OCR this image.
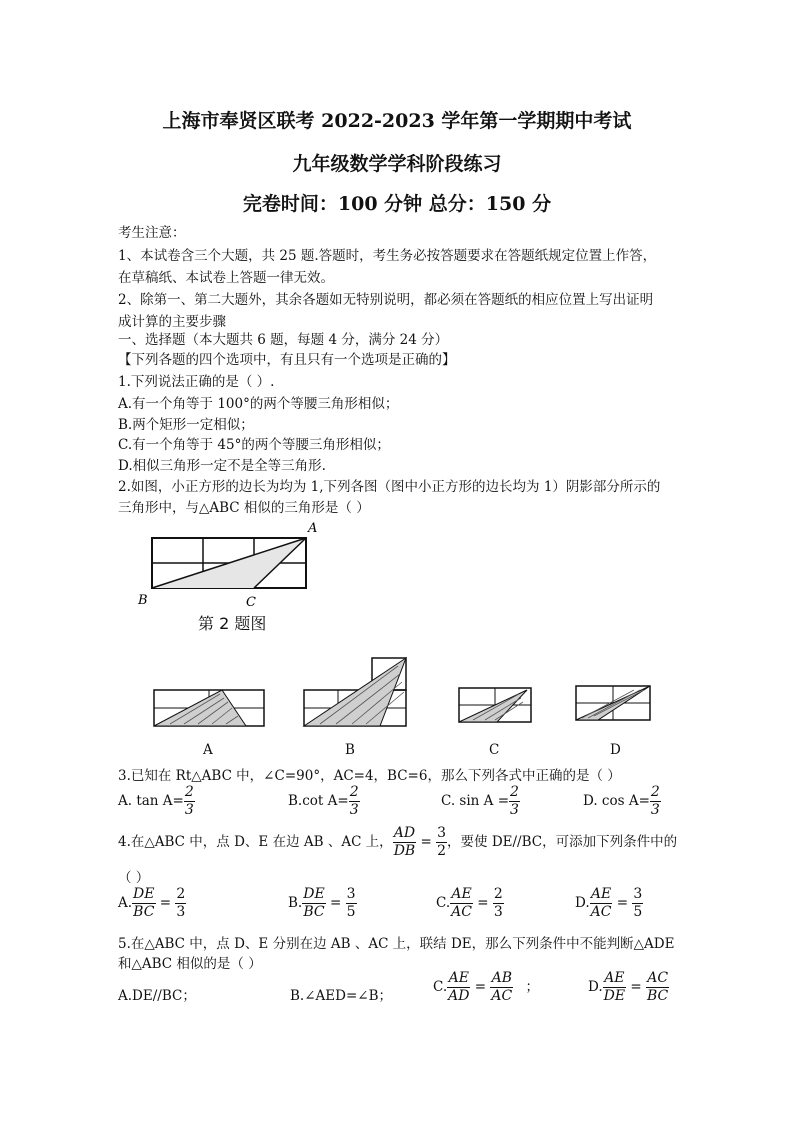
上海市奉贤区联考 2022-2023 学年第一学期期中考试
九年级数学学科阶段练习
完卷时间：100 分钟 总分：150 分
考生注意：
1、本试卷含三个大题，共 25 题.答题时，考生务必按答题要求在答题纸规定位置上作答，
在草稿纸、本试卷上答题一律无效。
2、除第一、第二大题外，其余各题如无特别说明，都必须在答题纸的相应位置上写出证明
成计算的主要步骤
一、选择题（本大题共 6 题，每题 4 分，满分 24 分）
【下列各题的四个选项中，有且只有一个选项是正确的】
1.下列说法正确的是（ ）.
A.有一个角等于 100°的两个等腰三角形相似；
B.两个矩形一定相似；
C.有一个角等于 45°的两个等腰三角形相似；
D.相似三角形一定不是全等三角形.
2.如图，小正方形的边长为均为 1,下列各图（图中小正方形的边长均为 1）阴影部分所示的
三角形中，与△ABC 相似的三角形是（ ）
A
B	C
第 2 题图
A	B	C	D
3.已知在 Rt△ABC 中，∠C=90°，AC=4，BC=6，那么下列各式中正确的是（ ）
A. $\tan A= \frac{2}{3}$	B.cot $A= \frac{2}{3}$	C. $\sin A = \frac{2}{3}$	D. $\cos A= \frac{2}{3}$
4.在△ABC 中，点 D、E 在边 AB 、AC 上， $\frac{AD}{DB} = \frac{3}{2}$ ，要使 DE//BC，可添加下列条件中的
（ ）
A. $\frac{DE}{BC} = \frac{2}{3}$	B. $\frac{DE}{BC} = \frac{3}{5}$	C. $\frac{AE}{AC} = \frac{2}{3}$	D. $\frac{AE}{AC} = \frac{3}{5}$
5.在△ABC 中，点 D、E 分别在边 AB 、AC 上，联结 DE，那么下列条件中不能判断△ADE
和△ABC 相似的是（ ）
A.DE//BC；	B.∠AED=∠B；
C. $\frac{AE}{AD} = \frac{AB}{AC}$ ；	D. $\frac{AE}{DE} = \frac{AC}{BC}$
